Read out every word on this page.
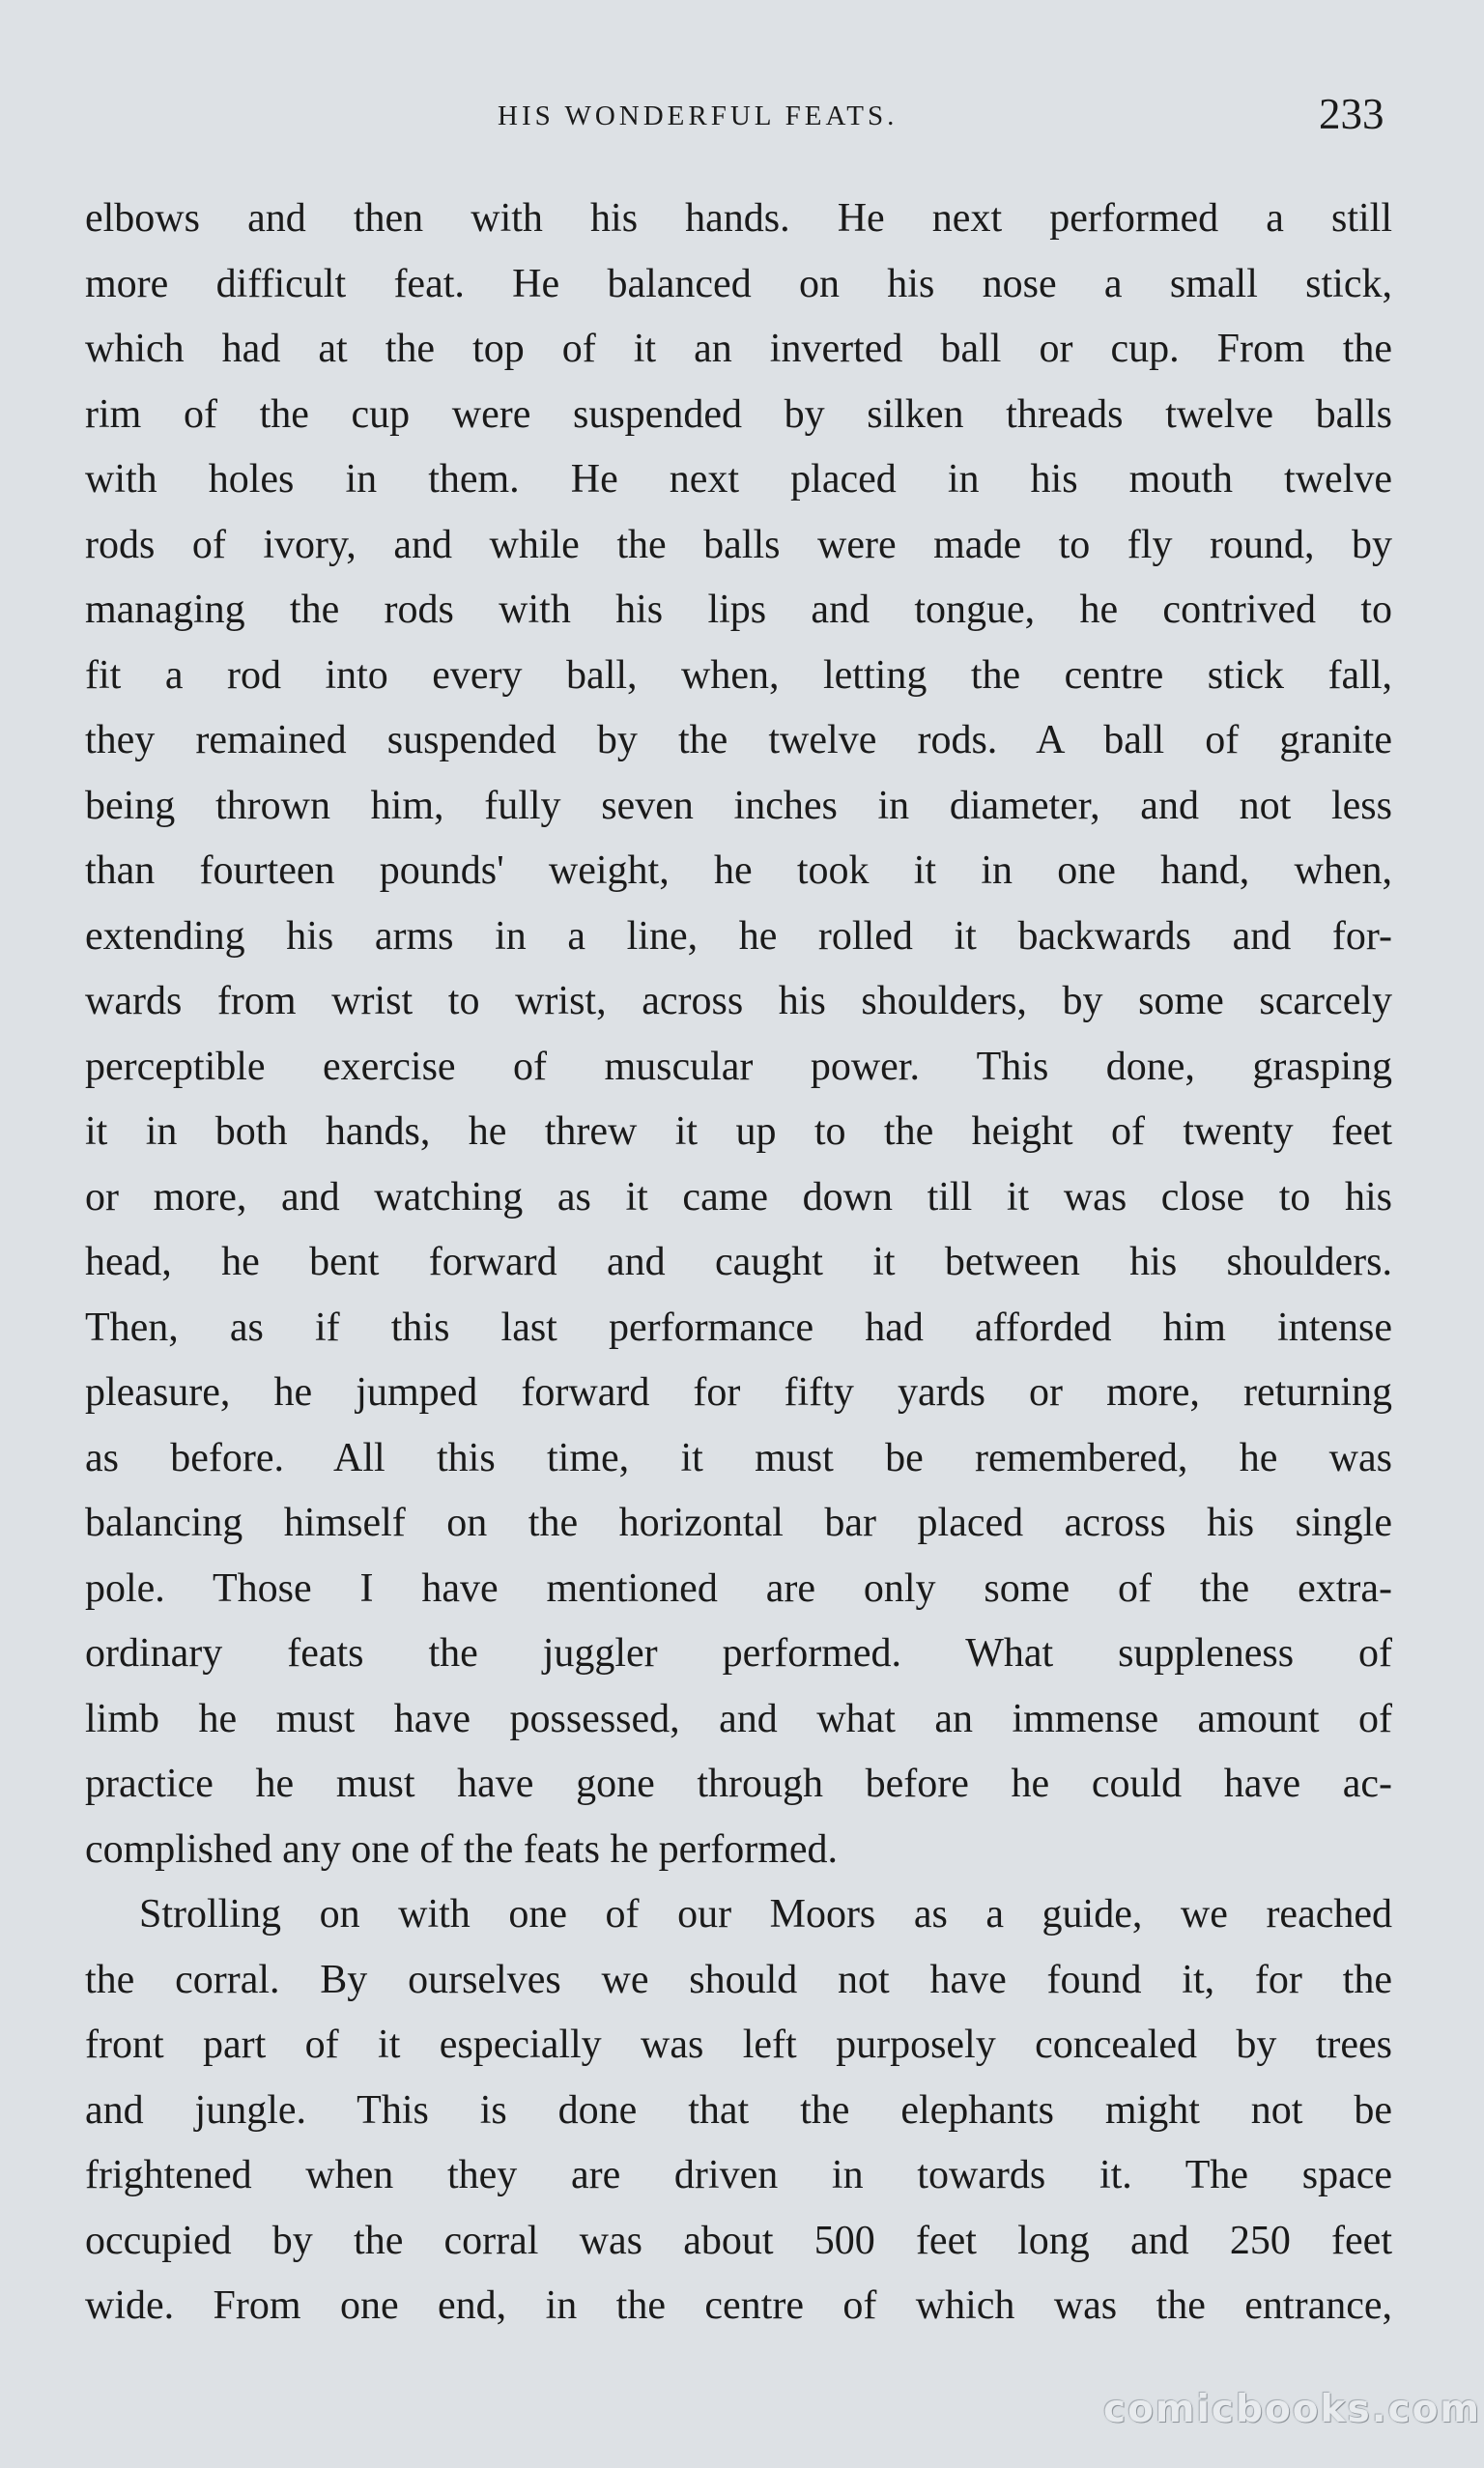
HIS WONDERFUL FEATS.	233
elbows and then with his hands. He next performed a still
more difficult feat. He balanced on his nose a small stick,
which had at the top of it an inverted ball or cup. From the
rim of the cup were suspended by silken threads twelve balls
with holes in them. He next placed in his mouth twelve
rods of ivory, and while the balls were made to fly round, by
managing the rods with his lips and tongue, he contrived to
fit a rod into every ball, when, letting the centre stick fall,
they remained suspended by the twelve rods. A ball of granite
being thrown him, fully seven inches in diameter, and not less
than fourteen pounds' weight, he took it in one hand, when,
extending his arms in a line, he rolled it backwards and for-
wards from wrist to wrist, across his shoulders, by some scarcely
perceptible exercise of muscular power. This done, grasping
it in both hands, he threw it up to the height of twenty feet
or more, and watching as it came down till it was close to his
head, he bent forward and caught it between his shoulders.
Then, as if this last performance had afforded him intense
pleasure, he jumped forward for fifty yards or more, returning
as before. All this time, it must be remembered, he was
balancing himself on the horizontal bar placed across his single
pole. Those I have mentioned are only some of the extra-
ordinary feats the juggler performed. What suppleness of
limb he must have possessed, and what an immense amount of
practice he must have gone through before he could have ac-
complished any one of the feats he performed.
Strolling on with one of our Moors as a guide, we reached
the corral. By ourselves we should not have found it, for the
front part of it especially was left purposely concealed by trees
and jungle. This is done that the elephants might not be
frightened when they are driven in towards it. The space
occupied by the corral was about 500 feet long and 250 feet
wide. From one end, in the centre of which was the entrance,
comicbooks.com
